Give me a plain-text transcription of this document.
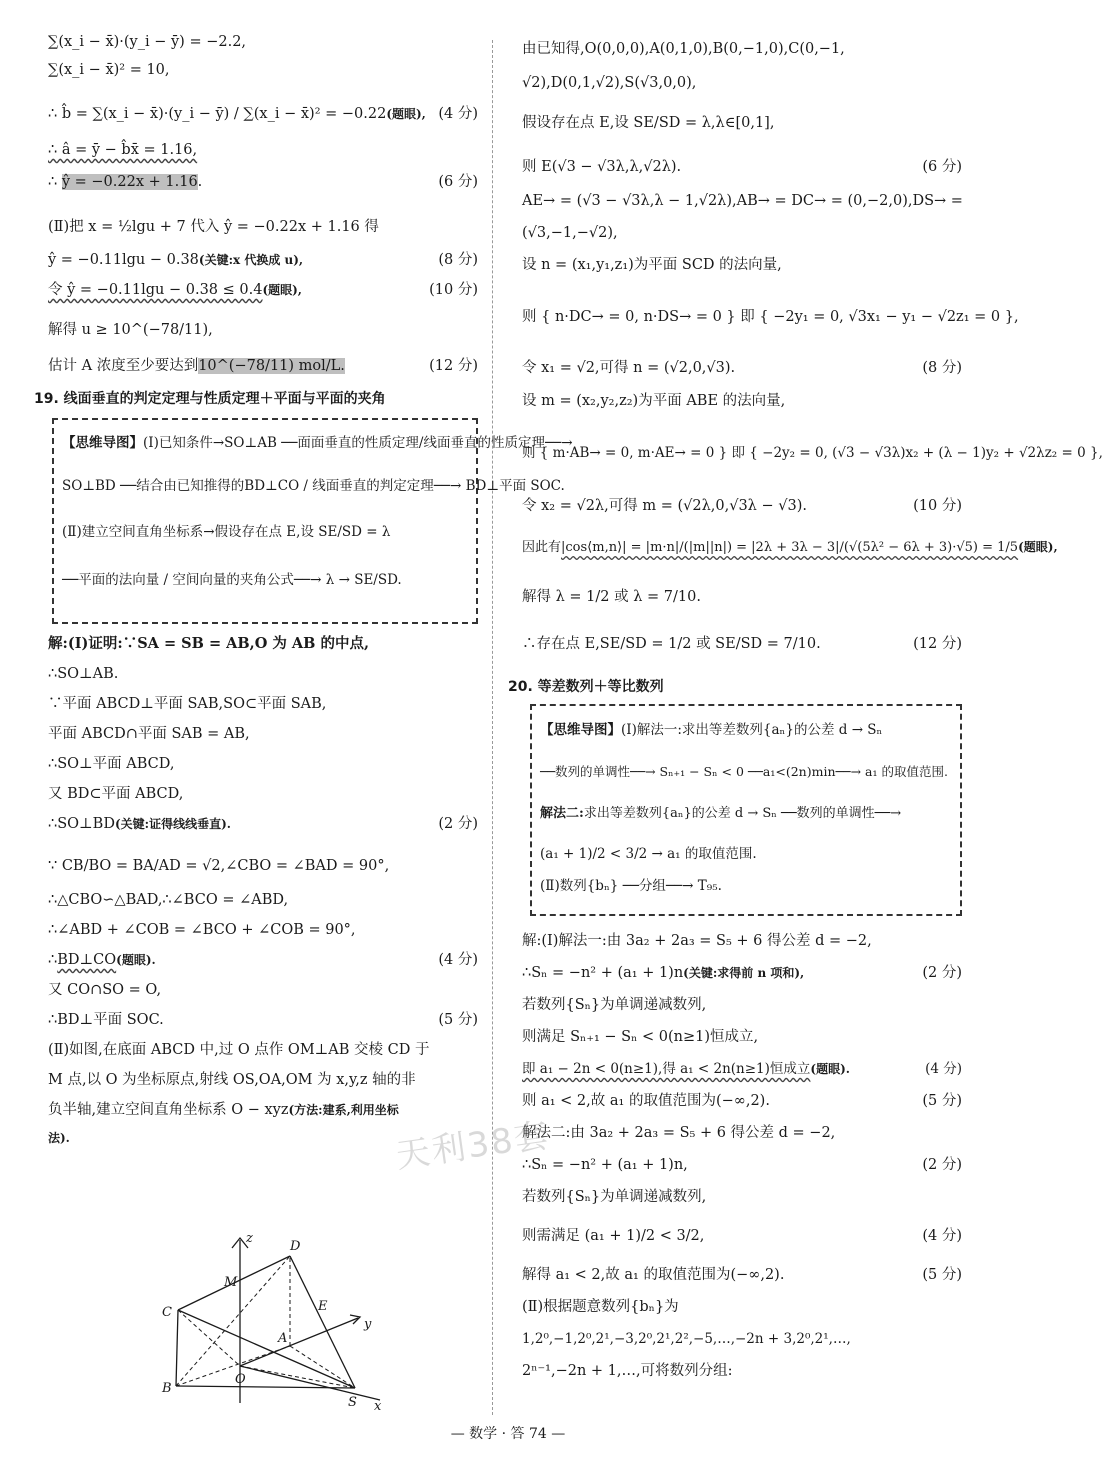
∑(x_i − x̄)·(y_i − ȳ) = −2.2,
∑(x_i − x̄)² = 10,
∴ b̂ = ∑(x_i − x̄)·(y_i − ȳ) / ∑(x_i − x̄)² = −0.22(题眼), (4 分)
∴ â = ȳ − b̂x̄ = 1.16,
∴ ŷ = −0.22x + 1.16.	(6 分)
(Ⅱ)把 x = ½lgu + 7 代入 ŷ = −0.22x + 1.16 得
ŷ = −0.11lgu − 0.38(关键:x 代换成 u),	(8 分)
令 ŷ = −0.11lgu − 0.38 ≤ 0.4(题眼),	(10 分)
解得 u ≥ 10^(−78/11),
估计 A 浓度至少要达到10^(−78/11) mol/L.	(12 分)
19. 线面垂直的判定定理与性质定理＋平面与平面的夹角
【思维导图】(Ⅰ)已知条件→SO⊥AB ──面面垂直的性质定理/线面垂直的性质定理──→
SO⊥BD ──结合由已知推得的BD⊥CO / 线面垂直的判定定理──→ BD⊥平面 SOC.
(Ⅱ)建立空间直角坐标系→假设存在点 E,设 SE/SD = λ
──平面的法向量 / 空间向量的夹角公式──→ λ → SE/SD.
解:(Ⅰ)证明:∵SA = SB = AB,O 为 AB 的中点,
∴SO⊥AB.
∵平面 ABCD⊥平面 SAB,SO⊂平面 SAB,
平面 ABCD∩平面 SAB = AB,
∴SO⊥平面 ABCD,
又 BD⊂平面 ABCD,
∴SO⊥BD(关键:证得线线垂直).	(2 分)
∵ CB/BO = BA/AD = √2,∠CBO = ∠BAD = 90°,
∴△CBO∽△BAD,∴∠BCO = ∠ABD,
∴∠ABD + ∠COB = ∠BCO + ∠COB = 90°,
∴BD⊥CO(题眼).	(4 分)
又 CO∩SO = O,
∴BD⊥平面 SOC.	(5 分)
(Ⅱ)如图,在底面 ABCD 中,过 O 点作 OM⊥AB 交棱 CD 于
M 点,以 O 为坐标原点,射线 OS,OA,OM 为 x,y,z 轴的非
负半轴,建立空间直角坐标系 O − xyz(方法:建系,利用坐标
法).
z
D
M
E
C
y
A
O
B
S x
由已知得,O(0,0,0),A(0,1,0),B(0,−1,0),C(0,−1,
√2),D(0,1,√2),S(√3,0,0),
假设存在点 E,设 SE/SD = λ,λ∈[0,1],
则 E(√3 − √3λ,λ,√2λ).	(6 分)
AE→ = (√3 − √3λ,λ − 1,√2λ),AB→ = DC→ = (0,−2,0),DS→ =
(√3,−1,−√2),
设 n = (x₁,y₁,z₁)为平面 SCD 的法向量,
则 { n·DC→ = 0, n·DS→ = 0 } 即 { −2y₁ = 0, √3x₁ − y₁ − √2z₁ = 0 },
令 x₁ = √2,可得 n = (√2,0,√3).	(8 分)
设 m = (x₂,y₂,z₂)为平面 ABE 的法向量,
则 { m·AB→ = 0, m·AE→ = 0 } 即 { −2y₂ = 0, (√3 − √3λ)x₂ + (λ − 1)y₂ + √2λz₂ = 0 },
令 x₂ = √2λ,可得 m = (√2λ,0,√3λ − √3).	(10 分)
因此有|cos⟨m,n⟩| = |m·n|/(|m||n|) = |2λ + 3λ − 3|/(√(5λ² − 6λ + 3)·√5) = 1/5(题眼),
解得 λ = 1/2 或 λ = 7/10.
∴存在点 E,SE/SD = 1/2 或 SE/SD = 7/10.	(12 分)
20. 等差数列＋等比数列
【思维导图】(Ⅰ)解法一:求出等差数列{aₙ}的公差 d → Sₙ
──数列的单调性──→ Sₙ₊₁ − Sₙ < 0 ──a₁<(2n)min──→ a₁ 的取值范围.
解法二:求出等差数列{aₙ}的公差 d → Sₙ ──数列的单调性──→
(a₁ + 1)/2 < 3/2 → a₁ 的取值范围.
(Ⅱ)数列{bₙ} ──分组──→ T₉₅.
解:(Ⅰ)解法一:由 3a₂ + 2a₃ = S₅ + 6 得公差 d = −2,
∴Sₙ = −n² + (a₁ + 1)n(关键:求得前 n 项和),	(2 分)
若数列{Sₙ}为单调递减数列,
则满足 Sₙ₊₁ − Sₙ < 0(n≥1)恒成立,
即 a₁ − 2n < 0(n≥1),得 a₁ < 2n(n≥1)恒成立(题眼).	(4 分)
则 a₁ < 2,故 a₁ 的取值范围为(−∞,2).	(5 分)
解法二:由 3a₂ + 2a₃ = S₅ + 6 得公差 d = −2,
∴Sₙ = −n² + (a₁ + 1)n,	(2 分)
若数列{Sₙ}为单调递减数列,
则需满足 (a₁ + 1)/2 < 3/2,	(4 分)
解得 a₁ < 2,故 a₁ 的取值范围为(−∞,2).	(5 分)
(Ⅱ)根据题意数列{bₙ}为
1,2⁰,−1,2⁰,2¹,−3,2⁰,2¹,2²,−5,…,−2n + 3,2⁰,2¹,…,
2ⁿ⁻¹,−2n + 1,…,可将数列分组:
天利38套
— 数学 · 答 74 —
